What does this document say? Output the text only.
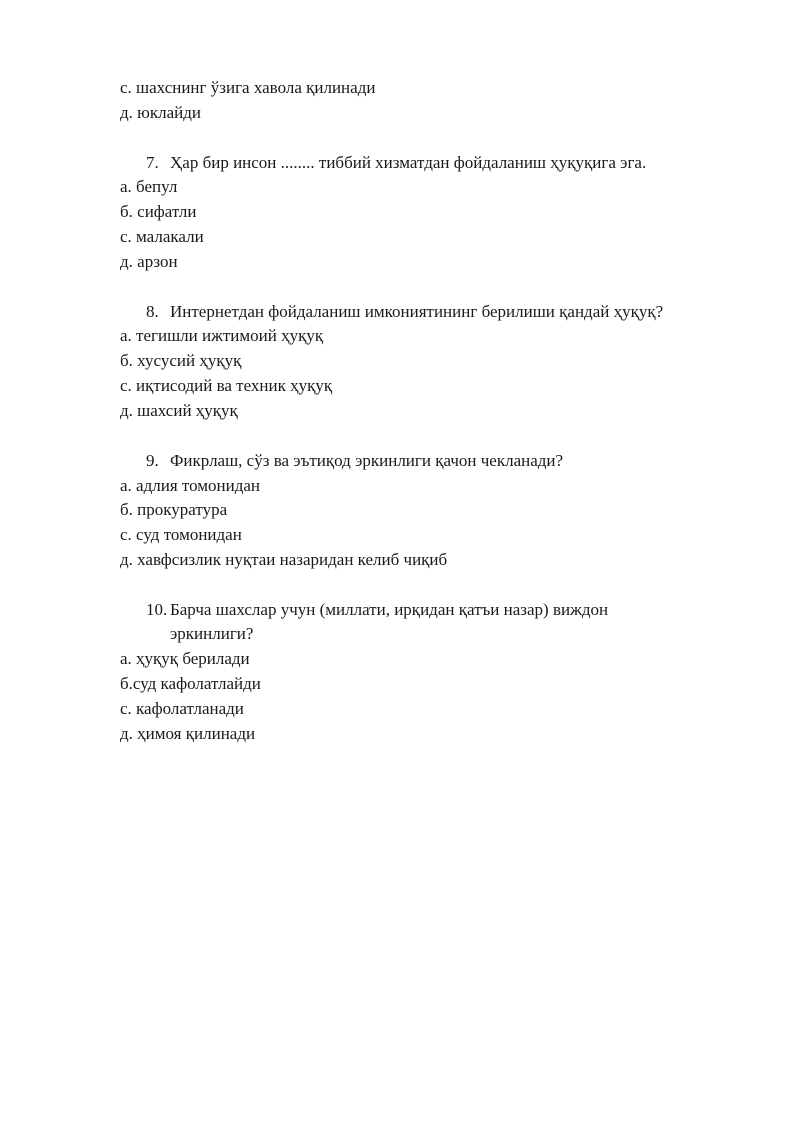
с. шахснинг ўзига хавола қилинади
д. юклайди
7. Ҳар бир инсон ........ тиббий хизматдан фойдаланиш ҳуқуқига эга.
а. бепул
б. сифатли
с. малакали
д. арзон
8. Интернетдан фойдаланиш имкониятининг берилиши қандай ҳуқуқ?
а. тегишли ижтимоий ҳуқуқ
б. хусусий ҳуқуқ
с. иқтисодий ва техник ҳуқуқ
д. шахсий ҳуқуқ
9. Фикрлаш, сўз ва эътиқод эркинлиги қачон чекланади?
а. адлия томонидан
б. прокуратура
с. суд томонидан
д. хавфсизлик нуқтаи назаридан келиб чиқиб
10. Барча шахслар учун (миллати, ирқидан қатъи назар) виждон
эркинлиги?
а. ҳуқуқ берилади
б.суд кафолатлайди
с. кафолатланади
д. ҳимоя қилинади
